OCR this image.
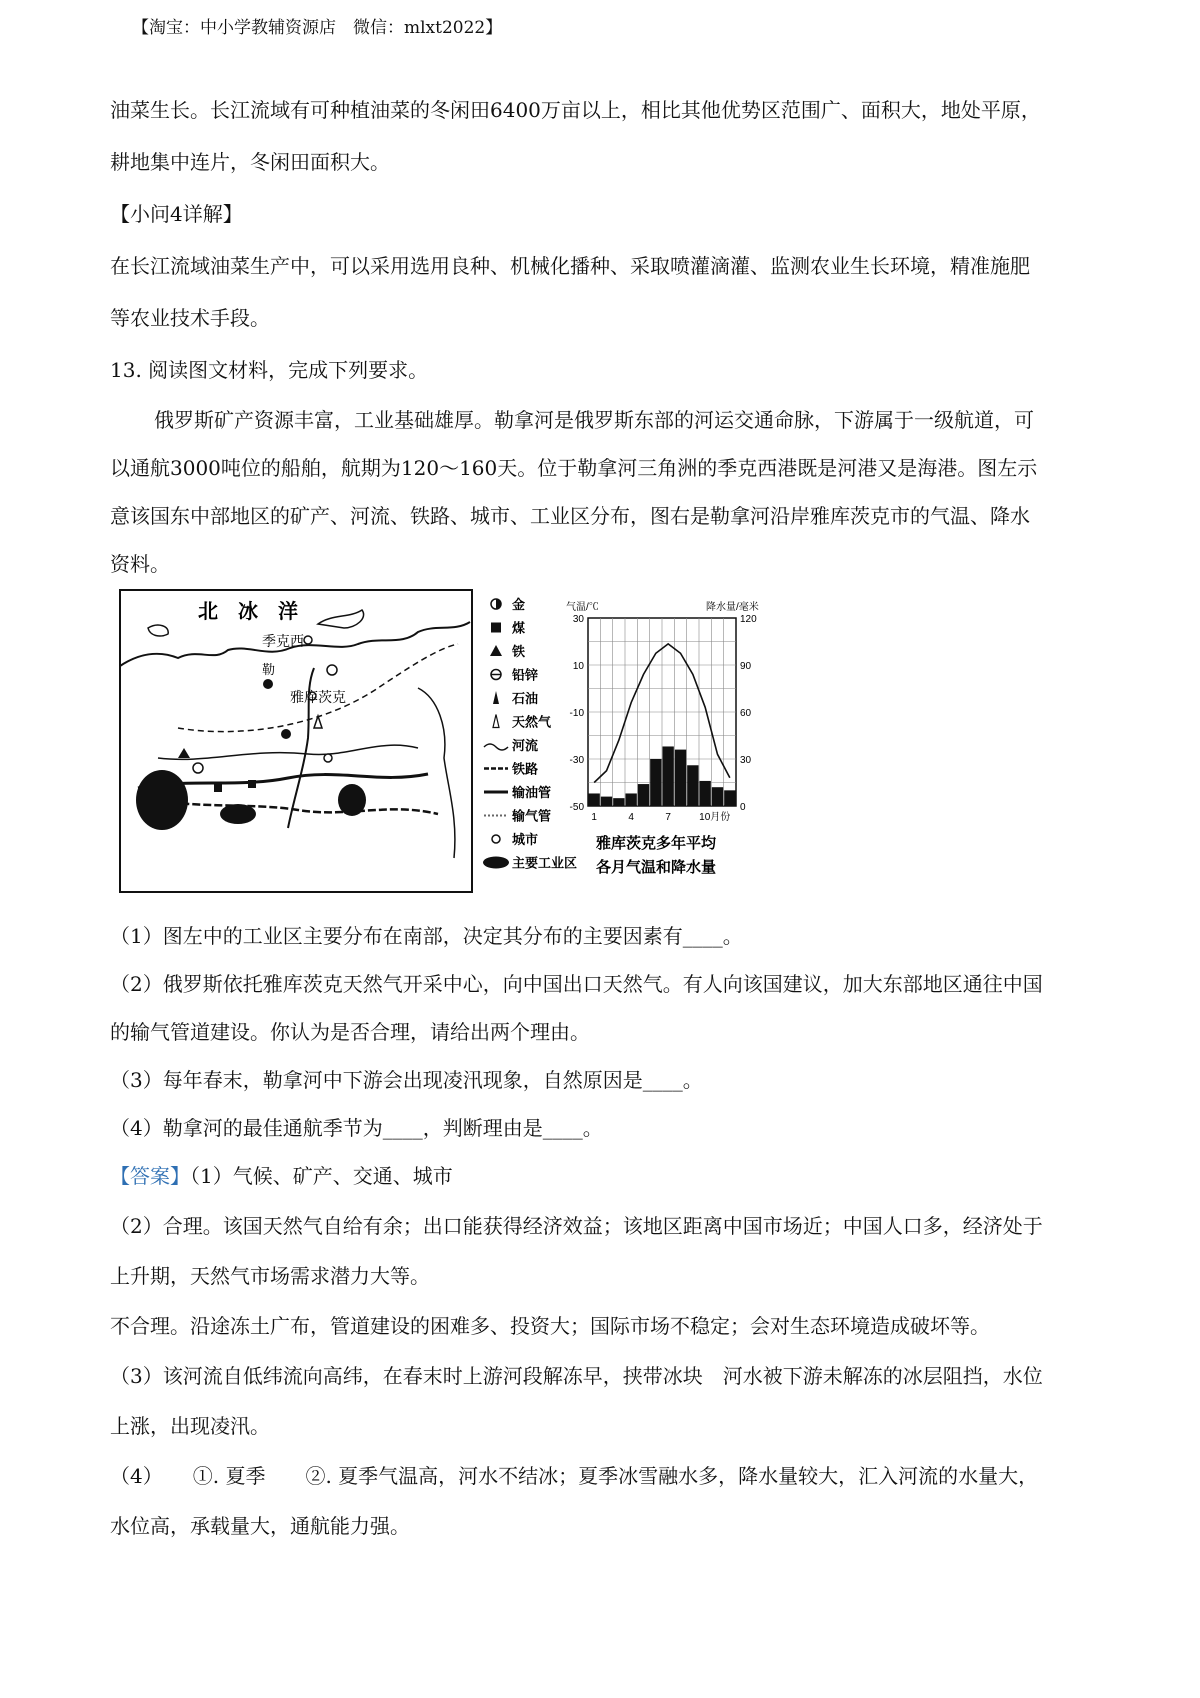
【淘宝：中小学教辅资源店　微信：mlxt2022】
油菜生长。长江流域有可种植油菜的冬闲田6400万亩以上，相比其他优势区范围广、面积大，地处平原，
耕地集中连片，冬闲田面积大。
【小问4详解】
在长江流域油菜生产中，可以采用选用良种、机械化播种、采取喷灌滴灌、监测农业生长环境，精准施肥
等农业技术手段。
13. 阅读图文材料，完成下列要求。
俄罗斯矿产资源丰富，工业基础雄厚。勒拿河是俄罗斯东部的河运交通命脉，下游属于一级航道，可
以通航3000吨位的船舶，航期为120～160天。位于勒拿河三角洲的季克西港既是河港又是海港。图左示
意该国东中部地区的矿产、河流、铁路、城市、工业区分布，图右是勒拿河沿岸雅库茨克市的气温、降水
资料。
北　冰　洋
季克西
勒
雅库茨克
金
煤
铁
铅锌
石油
天然气
河流
铁路
输油管
输气管
城市
主要工业区
30
10
-10
-30
-50
120
90
60
30
0
1	4	7	10月份
气温/℃	降水量/毫米
雅库茨克多年平均
各月气温和降水量
（1）图左中的工业区主要分布在南部，决定其分布的主要因素有____。
（2）俄罗斯依托雅库茨克天然气开采中心，向中国出口天然气。有人向该国建议，加大东部地区通往中国
的输气管道建设。你认为是否合理，请给出两个理由。
（3）每年春末，勒拿河中下游会出现凌汛现象，自然原因是____。
（4）勒拿河的最佳通航季节为____，判断理由是____。
【答案】（1）气候、矿产、交通、城市
（2）合理。该国天然气自给有余；出口能获得经济效益；该地区距离中国市场近；中国人口多，经济处于
上升期，天然气市场需求潜力大等。
不合理。沿途冻土广布，管道建设的困难多、投资大；国际市场不稳定；会对生态环境造成破坏等。
（3）该河流自低纬流向高纬，在春末时上游河段解冻早，挟带冰块　河水被下游未解冻的冰层阻挡，水位
上涨，出现凌汛。
（4）　　①. 夏季　　②. 夏季气温高，河水不结冰；夏季冰雪融水多，降水量较大，汇入河流的水量大，
水位高，承载量大，通航能力强。
